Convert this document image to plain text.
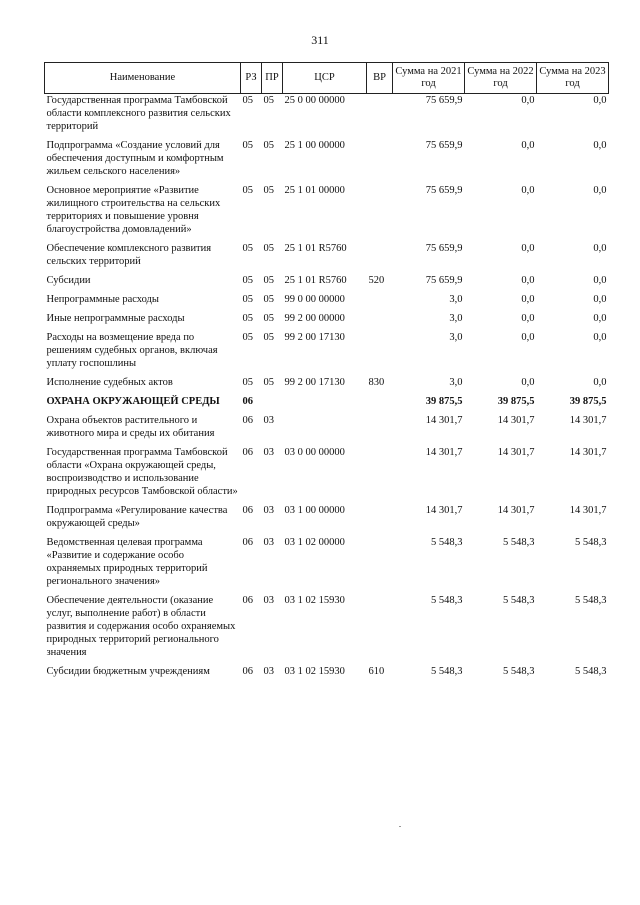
311
Наименование	РЗ	ПР	ЦСР	ВР	Сумма на 2021 год	Сумма на 2022 год	Сумма на 2023 год
Государственная программа Тамбовской области комплексного развития сельских территорий	05	05	25 0 00 00000		75 659,9	0,0	0,0
Подпрограмма «Создание условий для обеспечения доступным и комфортным жильем сельского населения»	05	05	25 1 00 00000		75 659,9	0,0	0,0
Основное мероприятие «Развитие жилищного строительства на сельских территориях и повышение уровня благоустройства домовладений»	05	05	25 1 01 00000		75 659,9	0,0	0,0
Обеспечение комплексного развития сельских территорий	05	05	25 1 01 R5760		75 659,9	0,0	0,0
Субсидии	05	05	25 1 01 R5760	520	75 659,9	0,0	0,0
Непрограммные расходы	05	05	99 0 00 00000		3,0	0,0	0,0
Иные непрограммные расходы	05	05	99 2 00 00000		3,0	0,0	0,0
Расходы на возмещение вреда по решениям судебных органов, включая уплату госпошлины	05	05	99 2 00 17130		3,0	0,0	0,0
Исполнение судебных актов	05	05	99 2 00 17130	830	3,0	0,0	0,0
ОХРАНА ОКРУЖАЮЩЕЙ СРЕДЫ	06				39 875,5	39 875,5	39 875,5
Охрана объектов растительного и животного мира и среды их обитания	06	03			14 301,7	14 301,7	14 301,7
Государственная программа Тамбовской области «Охрана окружающей среды, воспроизводство и использование природных ресурсов Тамбовской области»	06	03	03 0 00 00000		14 301,7	14 301,7	14 301,7
Подпрограмма «Регулирование качества окружающей среды»	06	03	03 1 00 00000		14 301,7	14 301,7	14 301,7
Ведомственная целевая программа «Развитие и содержание особо охраняемых природных территорий регионального значения»	06	03	03 1 02 00000		5 548,3	5 548,3	5 548,3
Обеспечение деятельности (оказание услуг, выполнение работ) в области развития и содержания особо охраняемых природных территорий регионального значения	06	03	03 1 02 15930		5 548,3	5 548,3	5 548,3
Субсидии бюджетным учреждениям	06	03	03 1 02 15930	610	5 548,3	5 548,3	5 548,3
